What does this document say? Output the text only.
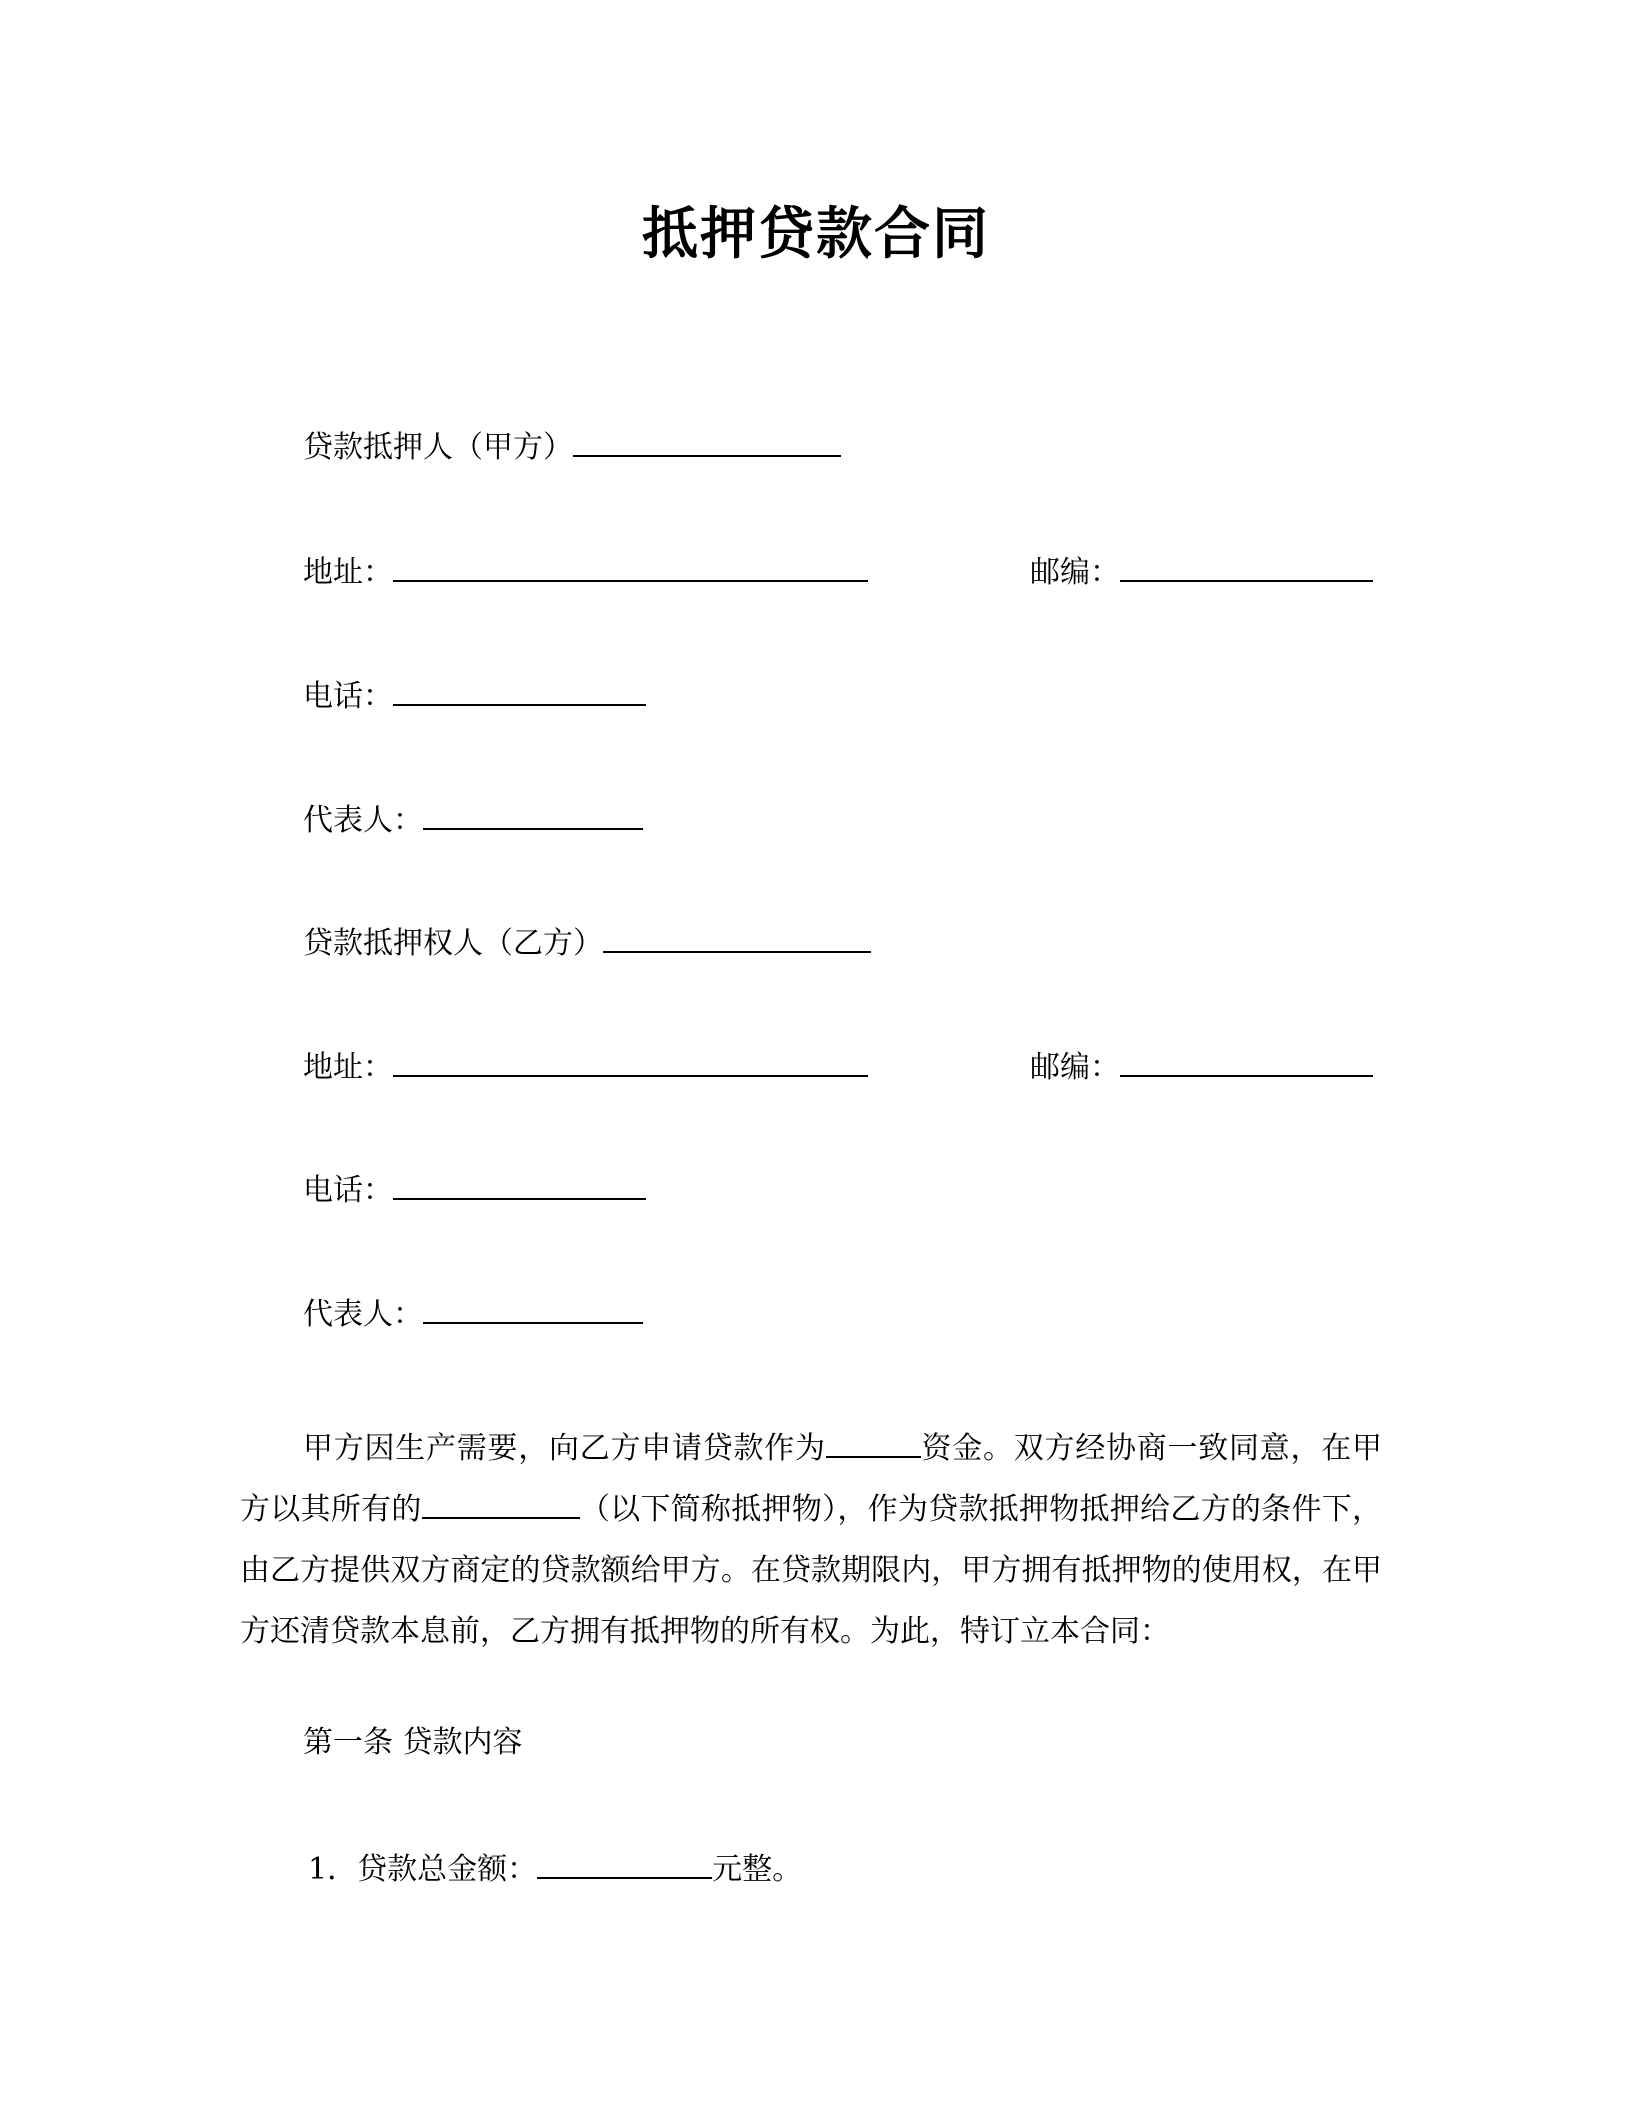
抵押贷款合同
贷款抵押人（甲方）
地址：	邮编：
电话：
代表人：
贷款抵押权人（乙方）
地址：	邮编：
电话：
代表人：
甲方因生产需要，向乙方申请贷款作为	资金。双方经协商一致同意，在甲方以其所有的	（以下简称抵押物），作为贷款抵押物抵押给乙方的条件下，由乙方提供双方商定的贷款额给甲方。在贷款期限内，甲方拥有抵押物的使用权，在甲方还清贷款本息前，乙方拥有抵押物的所有权。为此，特订立本合同：
第一条 贷款内容
1．贷款总金额：	元整。
